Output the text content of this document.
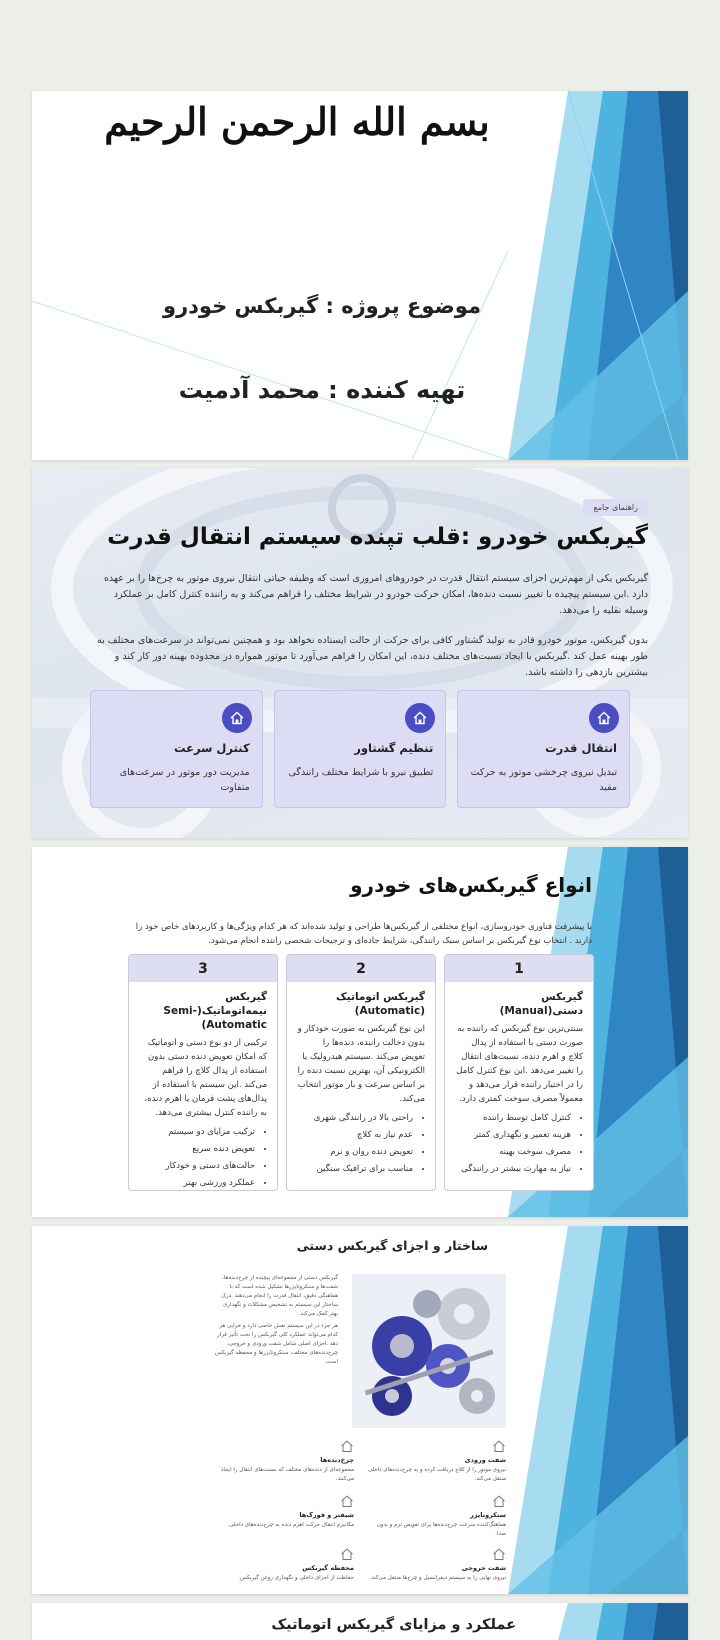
بسم الله الرحمن الرحیم
موضوع پروژه : گیربکس خودرو
تهیه کننده : محمد آدمیت
راهنمای جامع
گیربکس خودرو :قلب تپنده سیستم انتقال قدرت
گیربکس یکی از مهم‌ترین اجزای سیستم انتقال قدرت در خودروهای امروزی است که وظیفه حیاتی انتقال نیروی موتور به چرخ‌ها را بر عهده دارد .این سیستم پیچیده با تغییر نسبت دنده‌ها، امکان حرکت خودرو در شرایط مختلف را فراهم می‌کند و به راننده کنترل کامل بر عملکرد وسیله نقلیه را می‌دهد.
بدون گیربکس، موتور خودرو قادر به تولید گشتاور کافی برای حرکت از حالت ایستاده نخواهد بود و همچنین نمی‌تواند در سرعت‌های مختلف به طور بهینه عمل کند .گیربکس با ایجاد نسبت‌های مختلف دنده، این امکان را فراهم می‌آورد تا موتور همواره در محدوده بهینه دور کار کند و بیشترین بازدهی را داشته باشد.
انتقال قدرت
تبدیل نیروی چرخشی موتور به حرکت مفید
تنظیم گشتاور
تطبیق نیرو با شرایط مختلف رانندگی
کنترل سرعت
مدیریت دور موتور در سرعت‌های متفاوت
انواع گیربکس‌های خودرو
با پیشرفت فناوری خودروسازی، انواع مختلفی از گیربکس‌ها طراحی و تولید شده‌اند که هر کدام ویژگی‌ها و کاربردهای خاص خود را دارند . انتخاب نوع گیربکس بر اساس سبک رانندگی، شرایط جاده‌ای و ترجیحات شخصی راننده انجام می‌شود.
1
گیربکس دستی(Manual)
سنتی‌ترین نوع گیربکس که راننده به صورت دستی با استفاده از پدال کلاچ و اهرم دنده، نسبت‌های انتقال را تغییر می‌دهد .این نوع کنترل کامل را در اختیار راننده قرار می‌دهد و معمولاً مصرف سوخت کمتری دارد.
• کنترل کامل توسط راننده
• هزینه تعمیر و نگهداری کمتر
• مصرف سوخت بهینه
• نیاز به مهارت بیشتر در رانندگی
2
گیربکس اتوماتیک (Automatic)
این نوع گیربکس به صورت خودکار و بدون دخالت راننده، دنده‌ها را تعویض می‌کند .سیستم هیدرولیک یا الکترونیکی آن، بهترین نسبت دنده را بر اساس سرعت و بار موتور انتخاب می‌کند.
• راحتی بالا در رانندگی شهری
• عدم نیاز به کلاچ
• تعویض دنده روان و نرم
• مناسب برای ترافیک سنگین
3
گیربکس نیمه‌اتوماتیک(Semi-Automatic)
ترکیبی از دو نوع دستی و اتوماتیک که امکان تعویض دنده دستی بدون استفاده از پدال کلاچ را فراهم می‌کند .این سیستم با استفاده از پدال‌های پشت فرمان یا اهرم دنده، به راننده کنترل بیشتری می‌دهد.
• ترکیب مزایای دو سیستم
• تعویض دنده سریع
• حالت‌های دستی و خودکار
• عملکرد ورزشی بهتر
ساختار و اجزای گیربکس دستی
گیربکس دستی از مجموعه‌ای پیچیده از چرخ‌دنده‌ها، شفت‌ها و سنکرونایزرها تشکیل شده است که با هماهنگی دقیق، انتقال قدرت را انجام می‌دهند .درک ساختار این سیستم به تشخیص مشکلات و نگهداری بهتر کمک می‌کند.
هر جزء در این سیستم نقش خاصی دارد و خرابی هر کدام می‌تواند عملکرد کلی گیربکس را تحت تأثیر قرار دهد .اجزای اصلی شامل شفت ورودی و خروجی، چرخ‌دنده‌های مختلف، سنکرونایزرها و محفظه گیربکس است.
شفت ورودی
نیروی موتور را از کلاچ دریافت کرده و به چرخ‌دنده‌های داخلی منتقل می‌کند.
چرخ‌دنده‌ها
مجموعه‌ای از دنده‌های مختلف که نسبت‌های انتقال را ایجاد می‌کنند.
سنکرونایزر
هماهنگ‌کننده سرعت چرخ‌دنده‌ها برای تعویض نرم و بدون صدا.
شیفتر و فورک‌ها
مکانیزم انتقال حرکت اهرم دنده به چرخ‌دنده‌های داخلی.
شفت خروجی
نیروی نهایی را به سیستم دیفرانسیل و چرخ‌ها منتقل می‌کند.
محفظه گیربکس
حفاظت از اجزای داخلی و نگهداری روغن گیربکس.
عملکرد و مزایای گیربکس اتوماتیک
